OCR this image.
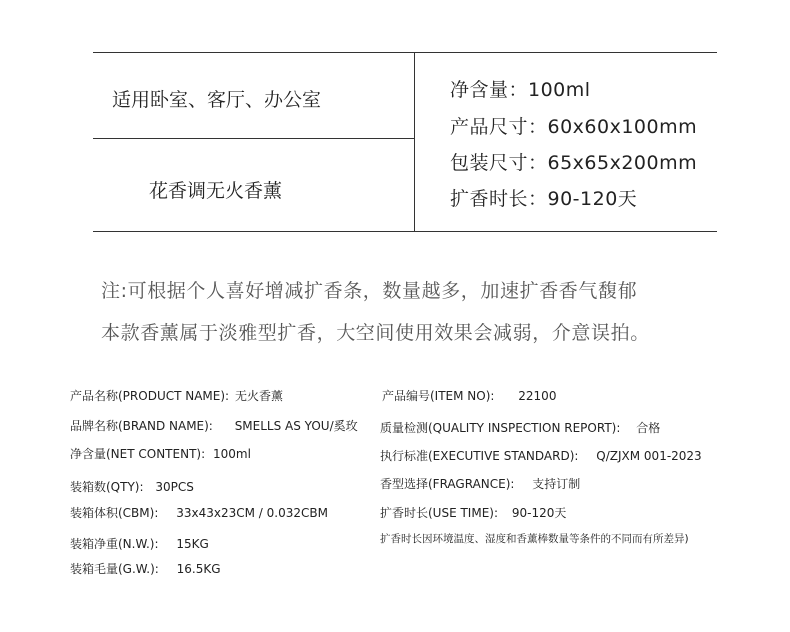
适用卧室、客厅、办公室
花香调无火香薰
净含量：100ml
产品尺寸：60x60x100mm
包装尺寸：65x65x200mm
扩香时长：90-120天
注:可根据个人喜好增减扩香条，数量越多，加速扩香香气馥郁
本款香薰属于淡雅型扩香，大空间使用效果会减弱，介意误拍。
产品名称(PRODUCT NAME): 无火香薰
品牌名称(BRAND NAME): SMELLS AS YOU/奚玫
净含量(NET CONTENT): 100ml
装箱数(QTY): 30PCS
装箱体积(CBM): 33x43x23CM / 0.032CBM
装箱净重(N.W.): 15KG
装箱毛量(G.W.): 16.5KG
产品编号(ITEM NO): 22100
质量检测(QUALITY INSPECTION REPORT): 合格
执行标准(EXECUTIVE STANDARD): Q/ZJXM 001-2023
香型选择(FRAGRANCE): 支持订制
扩香时长(USE TIME): 90-120天
扩香时长因环境温度、湿度和香薰棒数量等条件的不同而有所差异)
